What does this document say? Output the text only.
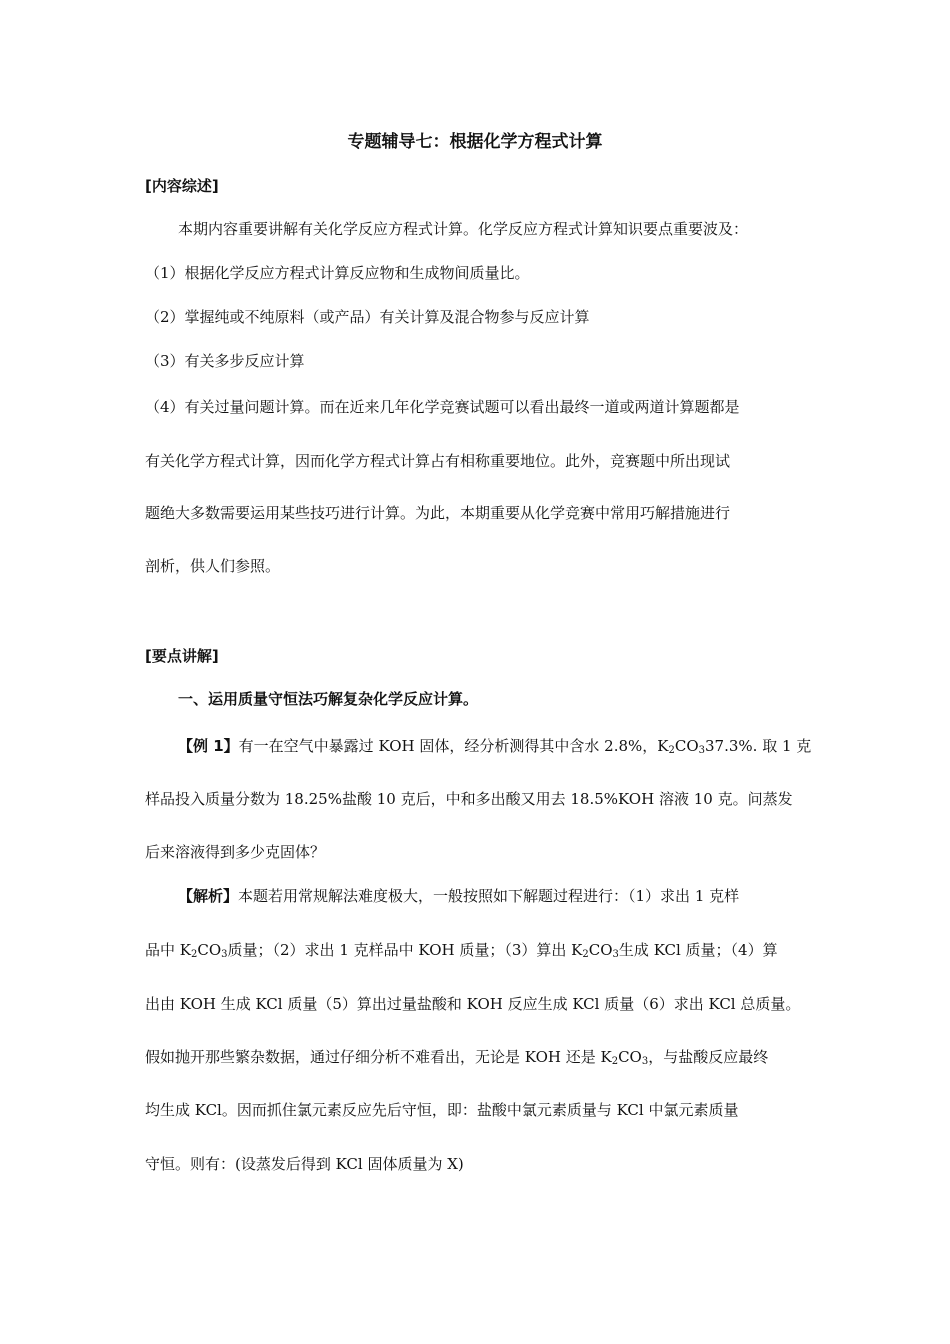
专题辅导七：根据化学方程式计算
[内容综述]
本期内容重要讲解有关化学反应方程式计算。化学反应方程式计算知识要点重要波及：
（1）根据化学反应方程式计算反应物和生成物间质量比。
（2）掌握纯或不纯原料（或产品）有关计算及混合物参与反应计算
（3）有关多步反应计算
（4）有关过量问题计算。而在近来几年化学竞赛试题可以看出最终一道或两道计算题都是
有关化学方程式计算，因而化学方程式计算占有相称重要地位。此外，竞赛题中所出现试
题绝大多数需要运用某些技巧进行计算。为此，本期重要从化学竞赛中常用巧解措施进行
剖析，供人们参照。
[要点讲解]
一、运用质量守恒法巧解复杂化学反应计算。
【例 1】有一在空气中暴露过 KOH 固体，经分析测得其中含水 2.8%，$K_2CO_337.3\%$. 取 1 克
样品投入质量分数为 18.25%盐酸 10 克后，中和多出酸又用去 18.5%KOH 溶液 10 克。问蒸发
后来溶液得到多少克固体？
【解析】本题若用常规解法难度极大，一般按照如下解题过程进行：（1）求出 1 克样
品中 $K_2CO_3$质量；（2）求出 1 克样品中 KOH 质量；（3）算出 $K_2CO_3$生成 KCl 质量；（4）算
出由 KOH 生成 KCl 质量（5）算出过量盐酸和 KOH 反应生成 KCl 质量（6）求出 KCl 总质量。
假如抛开那些繁杂数据，通过仔细分析不难看出，无论是 KOH 还是 $K_2CO_3$，与盐酸反应最终
均生成 KCl。因而抓住氯元素反应先后守恒，即：盐酸中氯元素质量与 KCl 中氯元素质量
守恒。则有：(设蒸发后得到 KCl 固体质量为 X)
